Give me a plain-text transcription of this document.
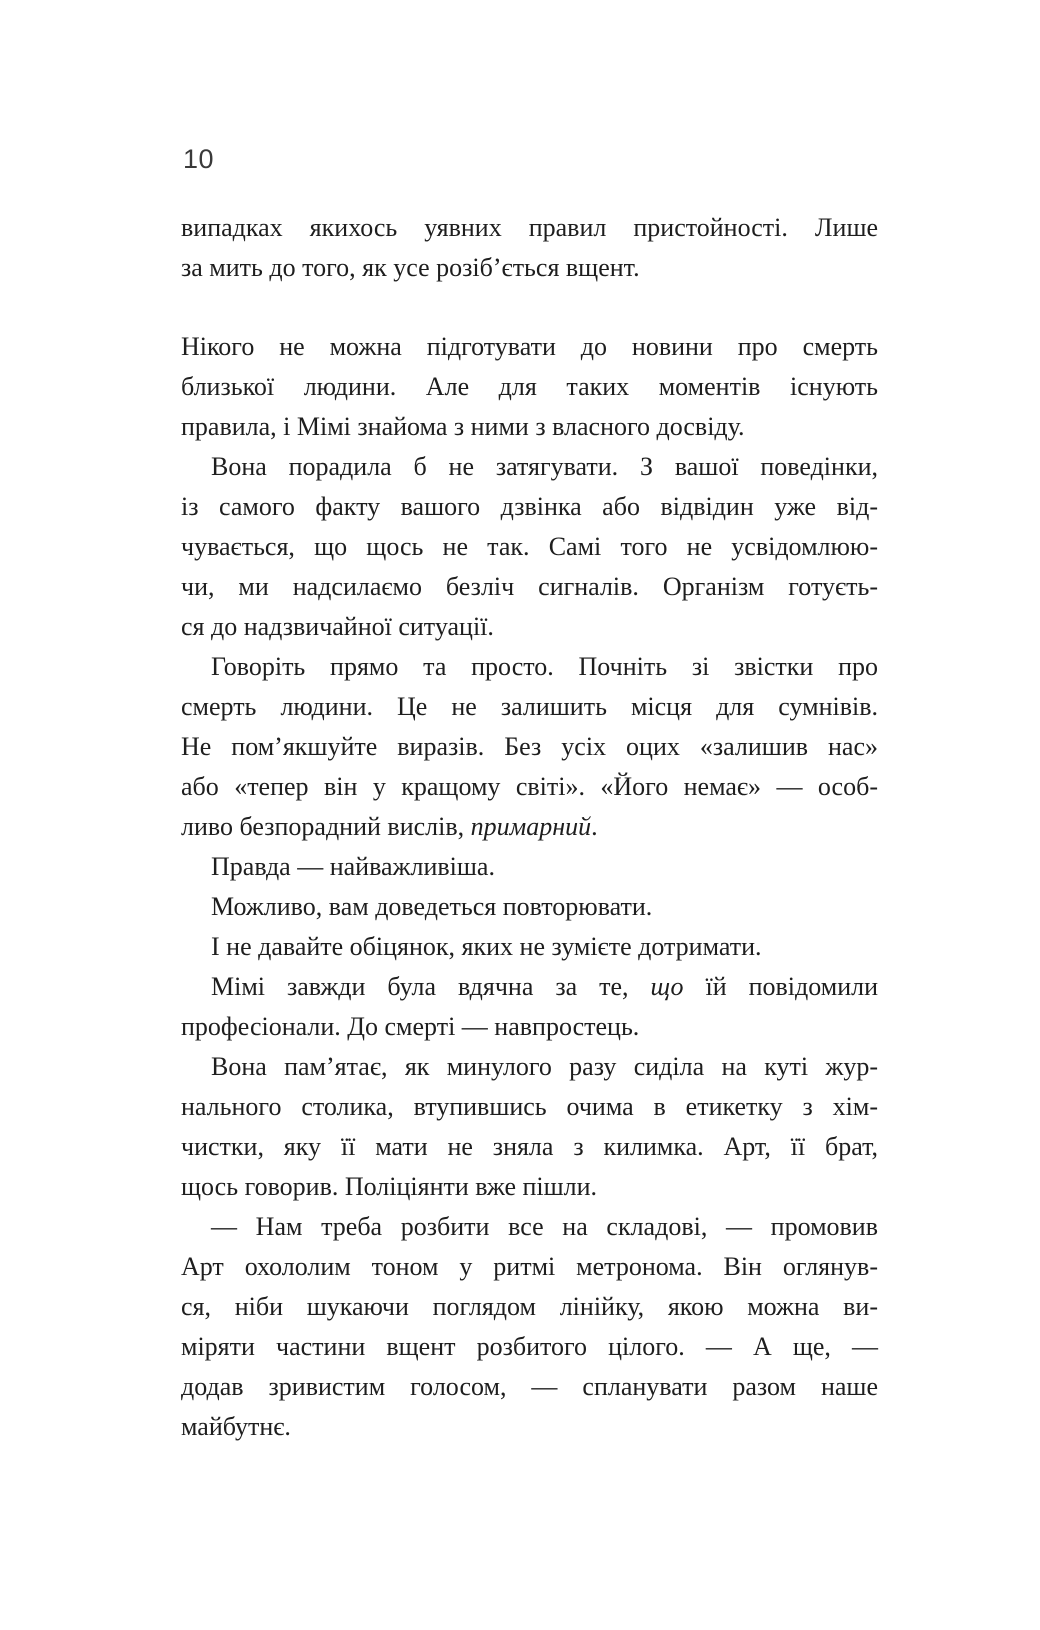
10
випадках якихось уявних правил пристойності. Лише
за мить до того, як усе розіб’ється вщент.
Нікого не можна підготувати до новини про смерть
близької людини. Але для таких моментів існують
правила, і Мімі знайома з ними з власного досвіду.
Вона порадила б не затягувати. З вашої поведінки,
із самого факту вашого дзвінка або відвідин уже від-
чувається, що щось не так. Самі того не усвідомлюю-
чи, ми надсилаємо безліч сигналів. Організм готуєть-
ся до надзвичайної ситуації.
Говоріть прямо та просто. Почніть зі звістки про
смерть людини. Це не залишить місця для сумнівів.
Не пом’якшуйте виразів. Без усіх оцих «залишив нас»
або «тепер він у кращому світі». «Його немає» — особ-
ливо безпорадний вислів, примарний.
Правда — найважливіша.
Можливо, вам доведеться повторювати.
І не давайте обіцянок, яких не зумієте дотримати.
Мімі завжди була вдячна за те, що їй повідомили
професіонали. До смерті — навпростець.
Вона пам’ятає, як минулого разу сиділа на куті жур-
нального столика, втупившись очима в етикетку з хім-
чистки, яку її мати не зняла з килимка. Арт, її брат,
щось говорив. Поліціянти вже пішли.
— Нам треба розбити все на складові, — промовив
Арт охололим тоном у ритмі метронома. Він оглянув-
ся, ніби шукаючи поглядом лінійку, якою можна ви-
міряти частини вщент розбитого цілого. — А ще, —
додав зривистим голосом, — спланувати разом наше
майбутнє.
